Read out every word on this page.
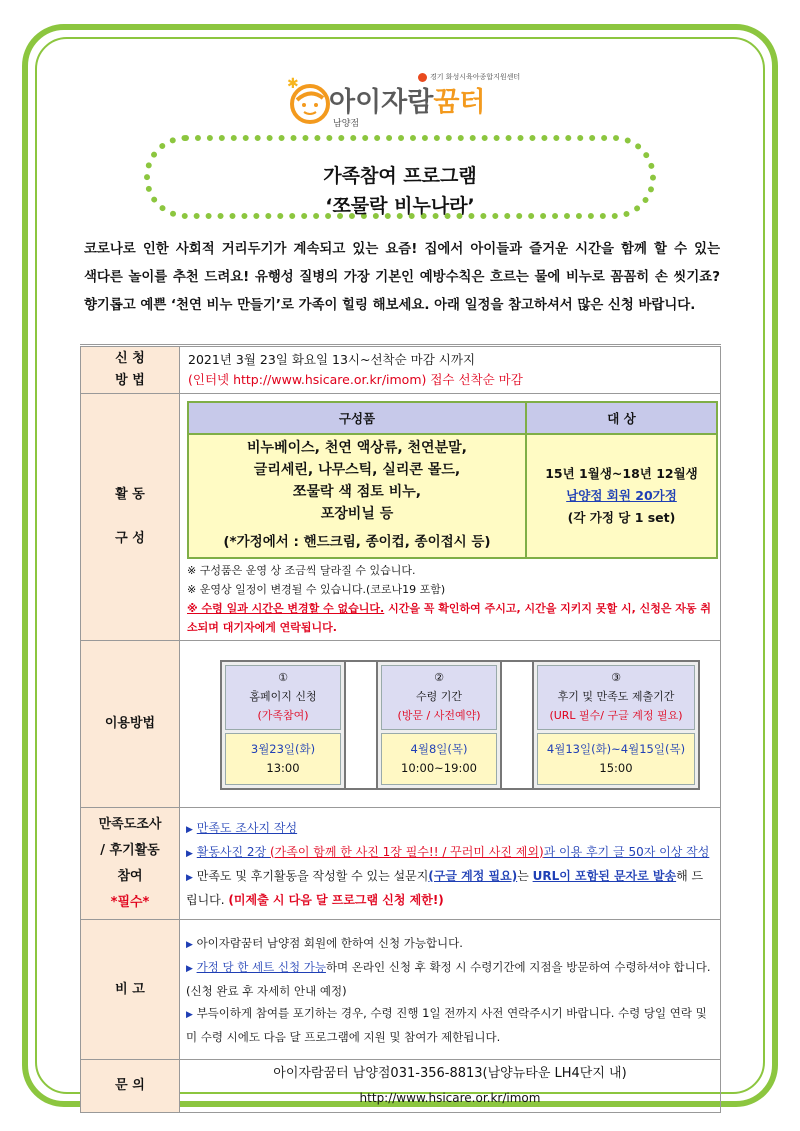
✱
아이자람꿈터
남양점
경기 화성시육아종합지원센터
가족참여 프로그램
‘쪼물락 비누나라’
코로나로 인한 사회적 거리두기가 계속되고 있는 요즘! 집에서 아이들과 즐거운 시간을 함께 할 수 있는 색다른 놀이를 추천 드려요! 유행성 질병의 가장 기본인 예방수칙은 흐르는 물에 비누로 꼼꼼히 손 씻기죠? 향기롭고 예쁜 ‘천연 비누 만들기’로 가족이 힐링 해보세요. 아래 일정을 참고하셔서 많은 신청 바랍니다.
신 청
방 법	
2021년 3월 23일 화요일 13시~선착순 마감 시까지
(인터넷 http://www.hsicare.or.kr/imom) 접수 선착순 마감

활 동

구 성	
구성품	대 상

비누베이스, 천연 액상류, 천연분말,
글리세린, 나무스틱, 실리콘 몰드,
쪼물락 색 점토 비누,
포장비닐 등
(*가정에서 : 핸드크림, 종이컵, 종이접시 등)

15년 1월생~18년 12월생
남양점 회원 20가정
(각 가정 당 1 set)
※ 구성품은 운영 상 조금씩 달라질 수 있습니다.
※ 운영상 일정이 변경될 수 있습니다.(코로나19 포함)
※ 수령 일과 시간은 변경할 수 없습니다. 시간을 꼭 확인하여 주시고, 시간을 지키지 못할 시, 신청은 자동 취소되며 대기자에게 연락됩니다.

이용방법	
①
홈페이지 신청
(가족참여)
3월23일(화)
13:00
②
수령 기간
(방문 / 사전예약)
4월8일(목)
10:00~19:00
③
후기 및 만족도 제출기간
(URL 필수/ 구글 계정 필요)
4월13일(화)~4월15일(목)
15:00

만족도조사
/ 후기활동
참여
*필수*	
▶ 만족도 조사지 작성
▶ 활동사진 2장 (가족이 함께 한 사진 1장 필수!! / 꾸러미 사진 제외)과 이용 후기 글 50자 이상 작성
▶ 만족도 및 후기활동을 작성할 수 있는 설문지(구글 계정 필요)는 URL이 포함된 문자로 발송해 드립니다. (미제출 시 다음 달 프로그램 신청 제한!)

비 고	
▶ 아이자람꿈터 남양점 회원에 한하여 신청 가능합니다.
▶ 가정 당 한 세트 신청 가능하며 온라인 신청 후 확정 시 수령기간에 지점을 방문하여 수령하셔야 합니다. (신청 완료 후 자세히 안내 예정)
▶ 부득이하게 참여를 포기하는 경우, 수령 진행 1일 전까지 사전 연락주시기 바랍니다. 수령 당일 연락 및 미 수령 시에도 다음 달 프로그램에 지원 및 참여가 제한됩니다.

문 의	
아이자람꿈터 남양점031-356-8813(남양뉴타운 LH4단지 내)
http://www.hsicare.or.kr/imom
